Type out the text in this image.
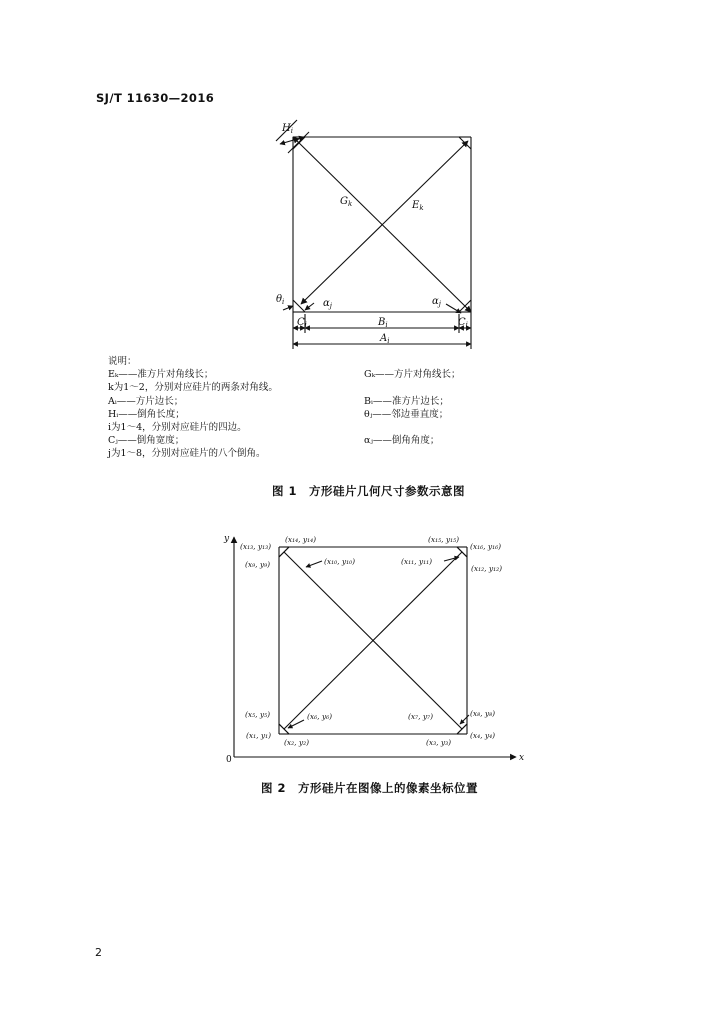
SJ/T 11630—2016
$H_i$
$G_k$	$E_k$
$\theta_i$	$\alpha_j$	$\alpha_j$
$C_i$	$C_i$
$B_i$
$A_i$
说明：
Eₖ——准方片对角线长；	Gₖ——方片对角线长；
k为1～2，分别对应硅片的两条对角线。
Aᵢ——方片边长；	Bᵢ——准方片边长；
Hᵢ——倒角长度；	θⱼ——邻边垂直度；
i为1～4，分别对应硅片的四边。
Cⱼ——倒角宽度；	αⱼ——倒角角度；
j为1～8，分别对应硅片的八个倒角。
图 1　方形硅片几何尺寸参数示意图
(x₁₃, y₁₃)
(x₁₄, y₁₄)	(x₁₅, y₁₅)
(x₁₆, y₁₆)
(x₉, y₉)	(x₁₀, y₁₀)	(x₁₁, y₁₁)
(x₁₂, y₁₂)
(x₅, y₅)	(x₆, y₆)	(x₇, y₇)	(x₈, y₈)
(x₁, y₁)
(x₂, y₂)	(x₃, y₃)
(x₄, y₄)
y
x
0
图 2　方形硅片在图像上的像素坐标位置
2
